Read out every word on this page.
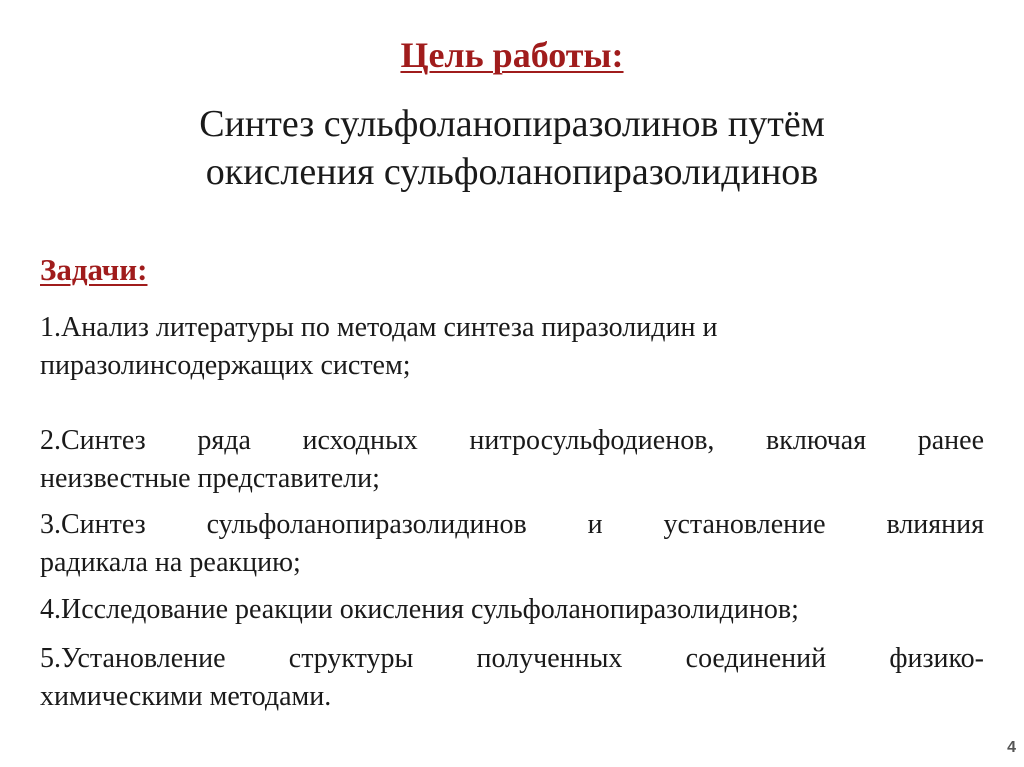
Цель работы:

Синтез сульфоланопиразолинов путём
окисления сульфоланопиразолидинов

Задачи:

1.Анализ литературы по методам синтеза пиразолидин и
пиразолинсодержащих систем;

2.Синтез ряда исходных нитросульфодиенов, включая ранее
неизвестные представители;

3.Синтез сульфоланопиразолидинов и установление влияния
радикала на реакцию;

4.Исследование реакции окисления сульфоланопиразолидинов;

5.Установление структуры полученных соединений физико-
химическими методами.

4
